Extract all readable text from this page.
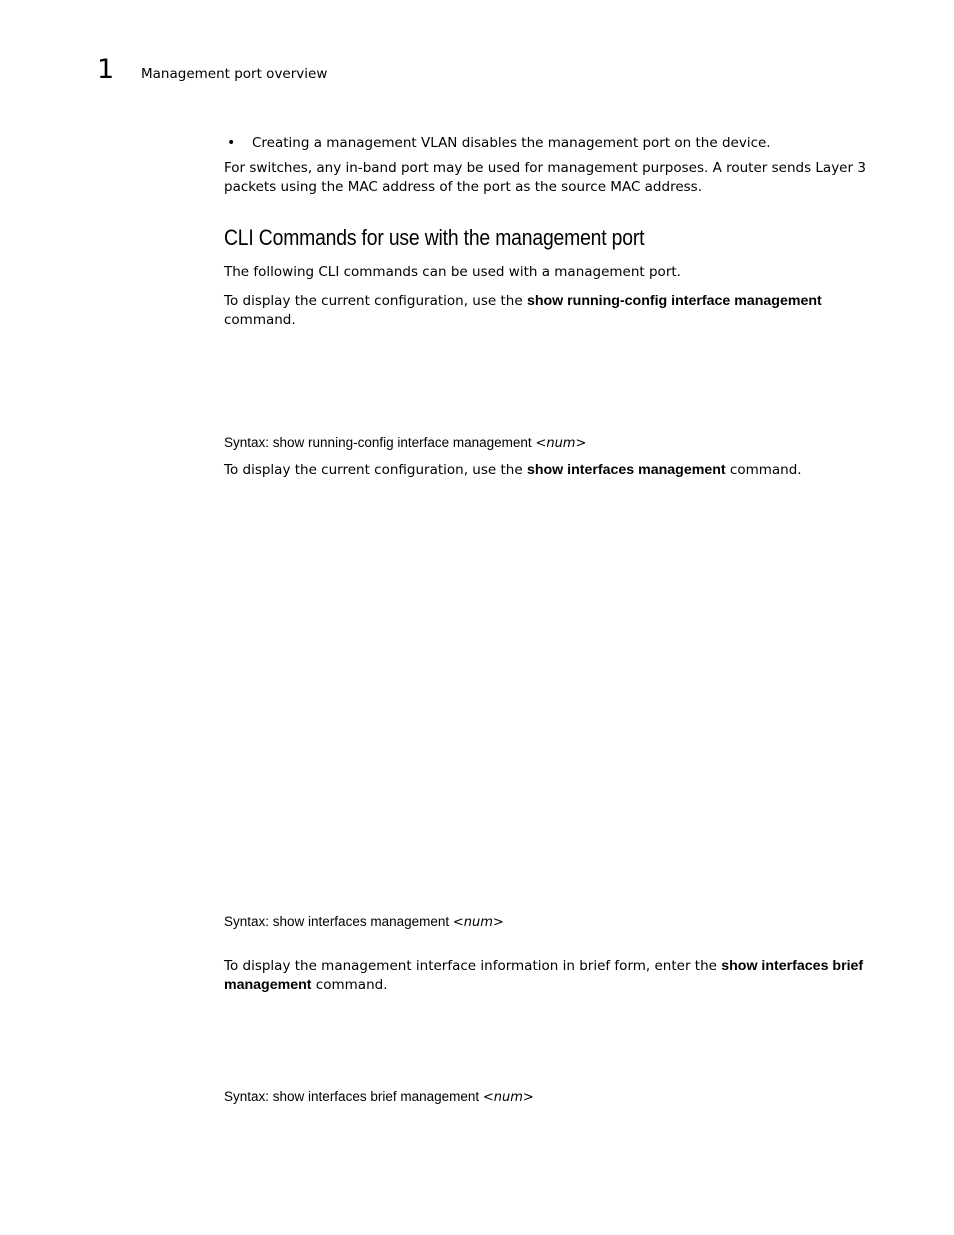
1 Management port overview
• Creating a management VLAN disables the management port on the device.
For switches, any in-band port may be used for management purposes. A router sends Layer 3
packets using the MAC address of the port as the source MAC address.
CLI Commands for use with the management port
The following CLI commands can be used with a management port.
To display the current configuration, use the show running-config interface management
command.
Syntax: show running-config interface management <num>
To display the current configuration, use the show interfaces management command.
Syntax: show interfaces management <num>
To display the management interface information in brief form, enter the show interfaces brief
management command.
Syntax: show interfaces brief management <num>
